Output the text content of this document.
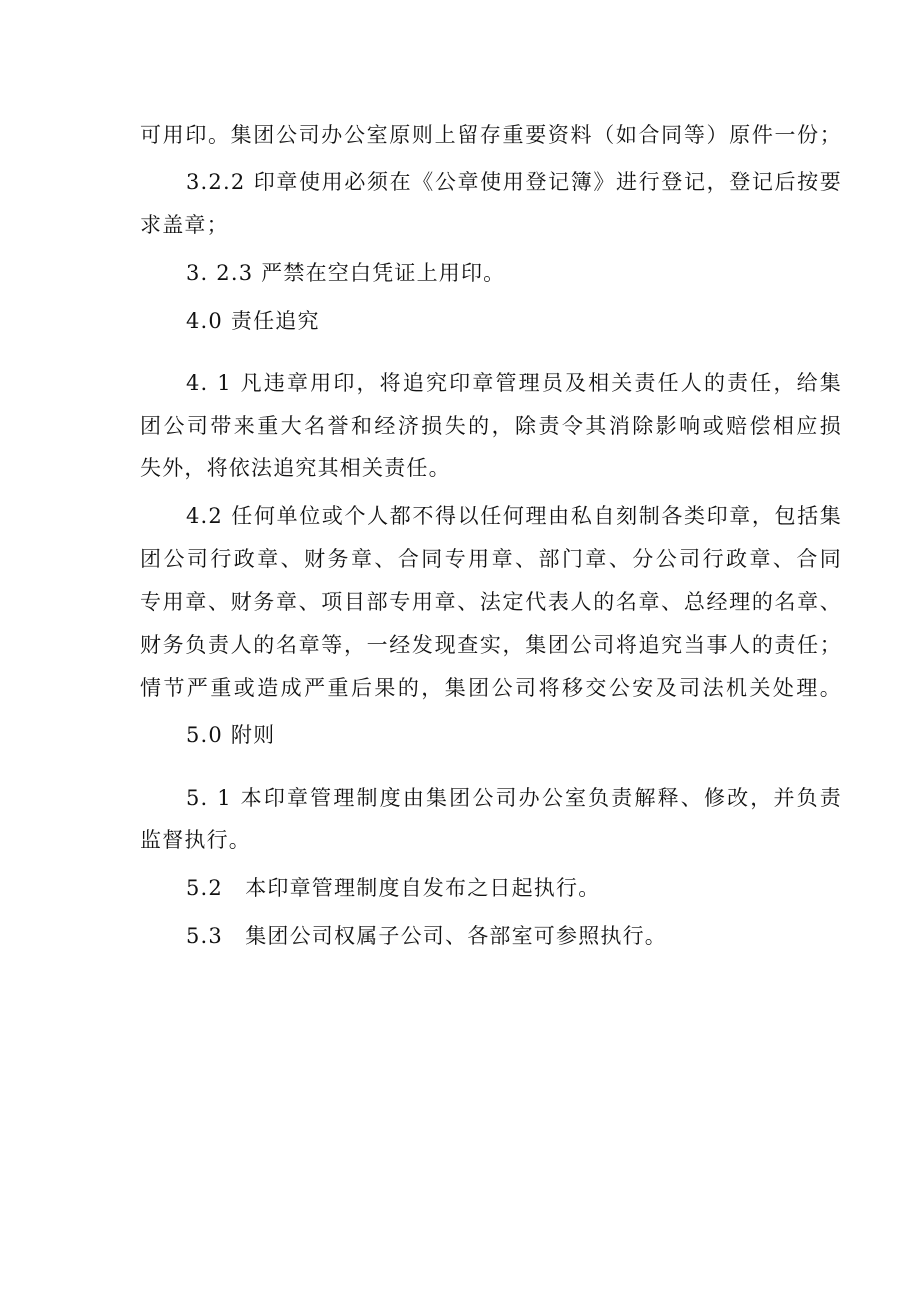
可用印。集团公司办公室原则上留存重要资料（如合同等）原件一份；
3.2.2 印章使用必须在《公章使用登记簿》进行登记，登记后按要
求盖章；
3. 2.3 严禁在空白凭证上用印。
4.0 责任追究
4. 1 凡违章用印，将追究印章管理员及相关责任人的责任，给集
团公司带来重大名誉和经济损失的，除责令其消除影响或赔偿相应损
失外，将依法追究其相关责任。
4.2 任何单位或个人都不得以任何理由私自刻制各类印章，包括集
团公司行政章、财务章、合同专用章、部门章、分公司行政章、合同
专用章、财务章、项目部专用章、法定代表人的名章、总经理的名章、
财务负责人的名章等，一经发现查实，集团公司将追究当事人的责任；
情节严重或造成严重后果的，集团公司将移交公安及司法机关处理。
5.0 附则
5. 1 本印章管理制度由集团公司办公室负责解释、修改，并负责
监督执行。
5.2　本印章管理制度自发布之日起执行。
5.3　集团公司权属子公司、各部室可参照执行。
